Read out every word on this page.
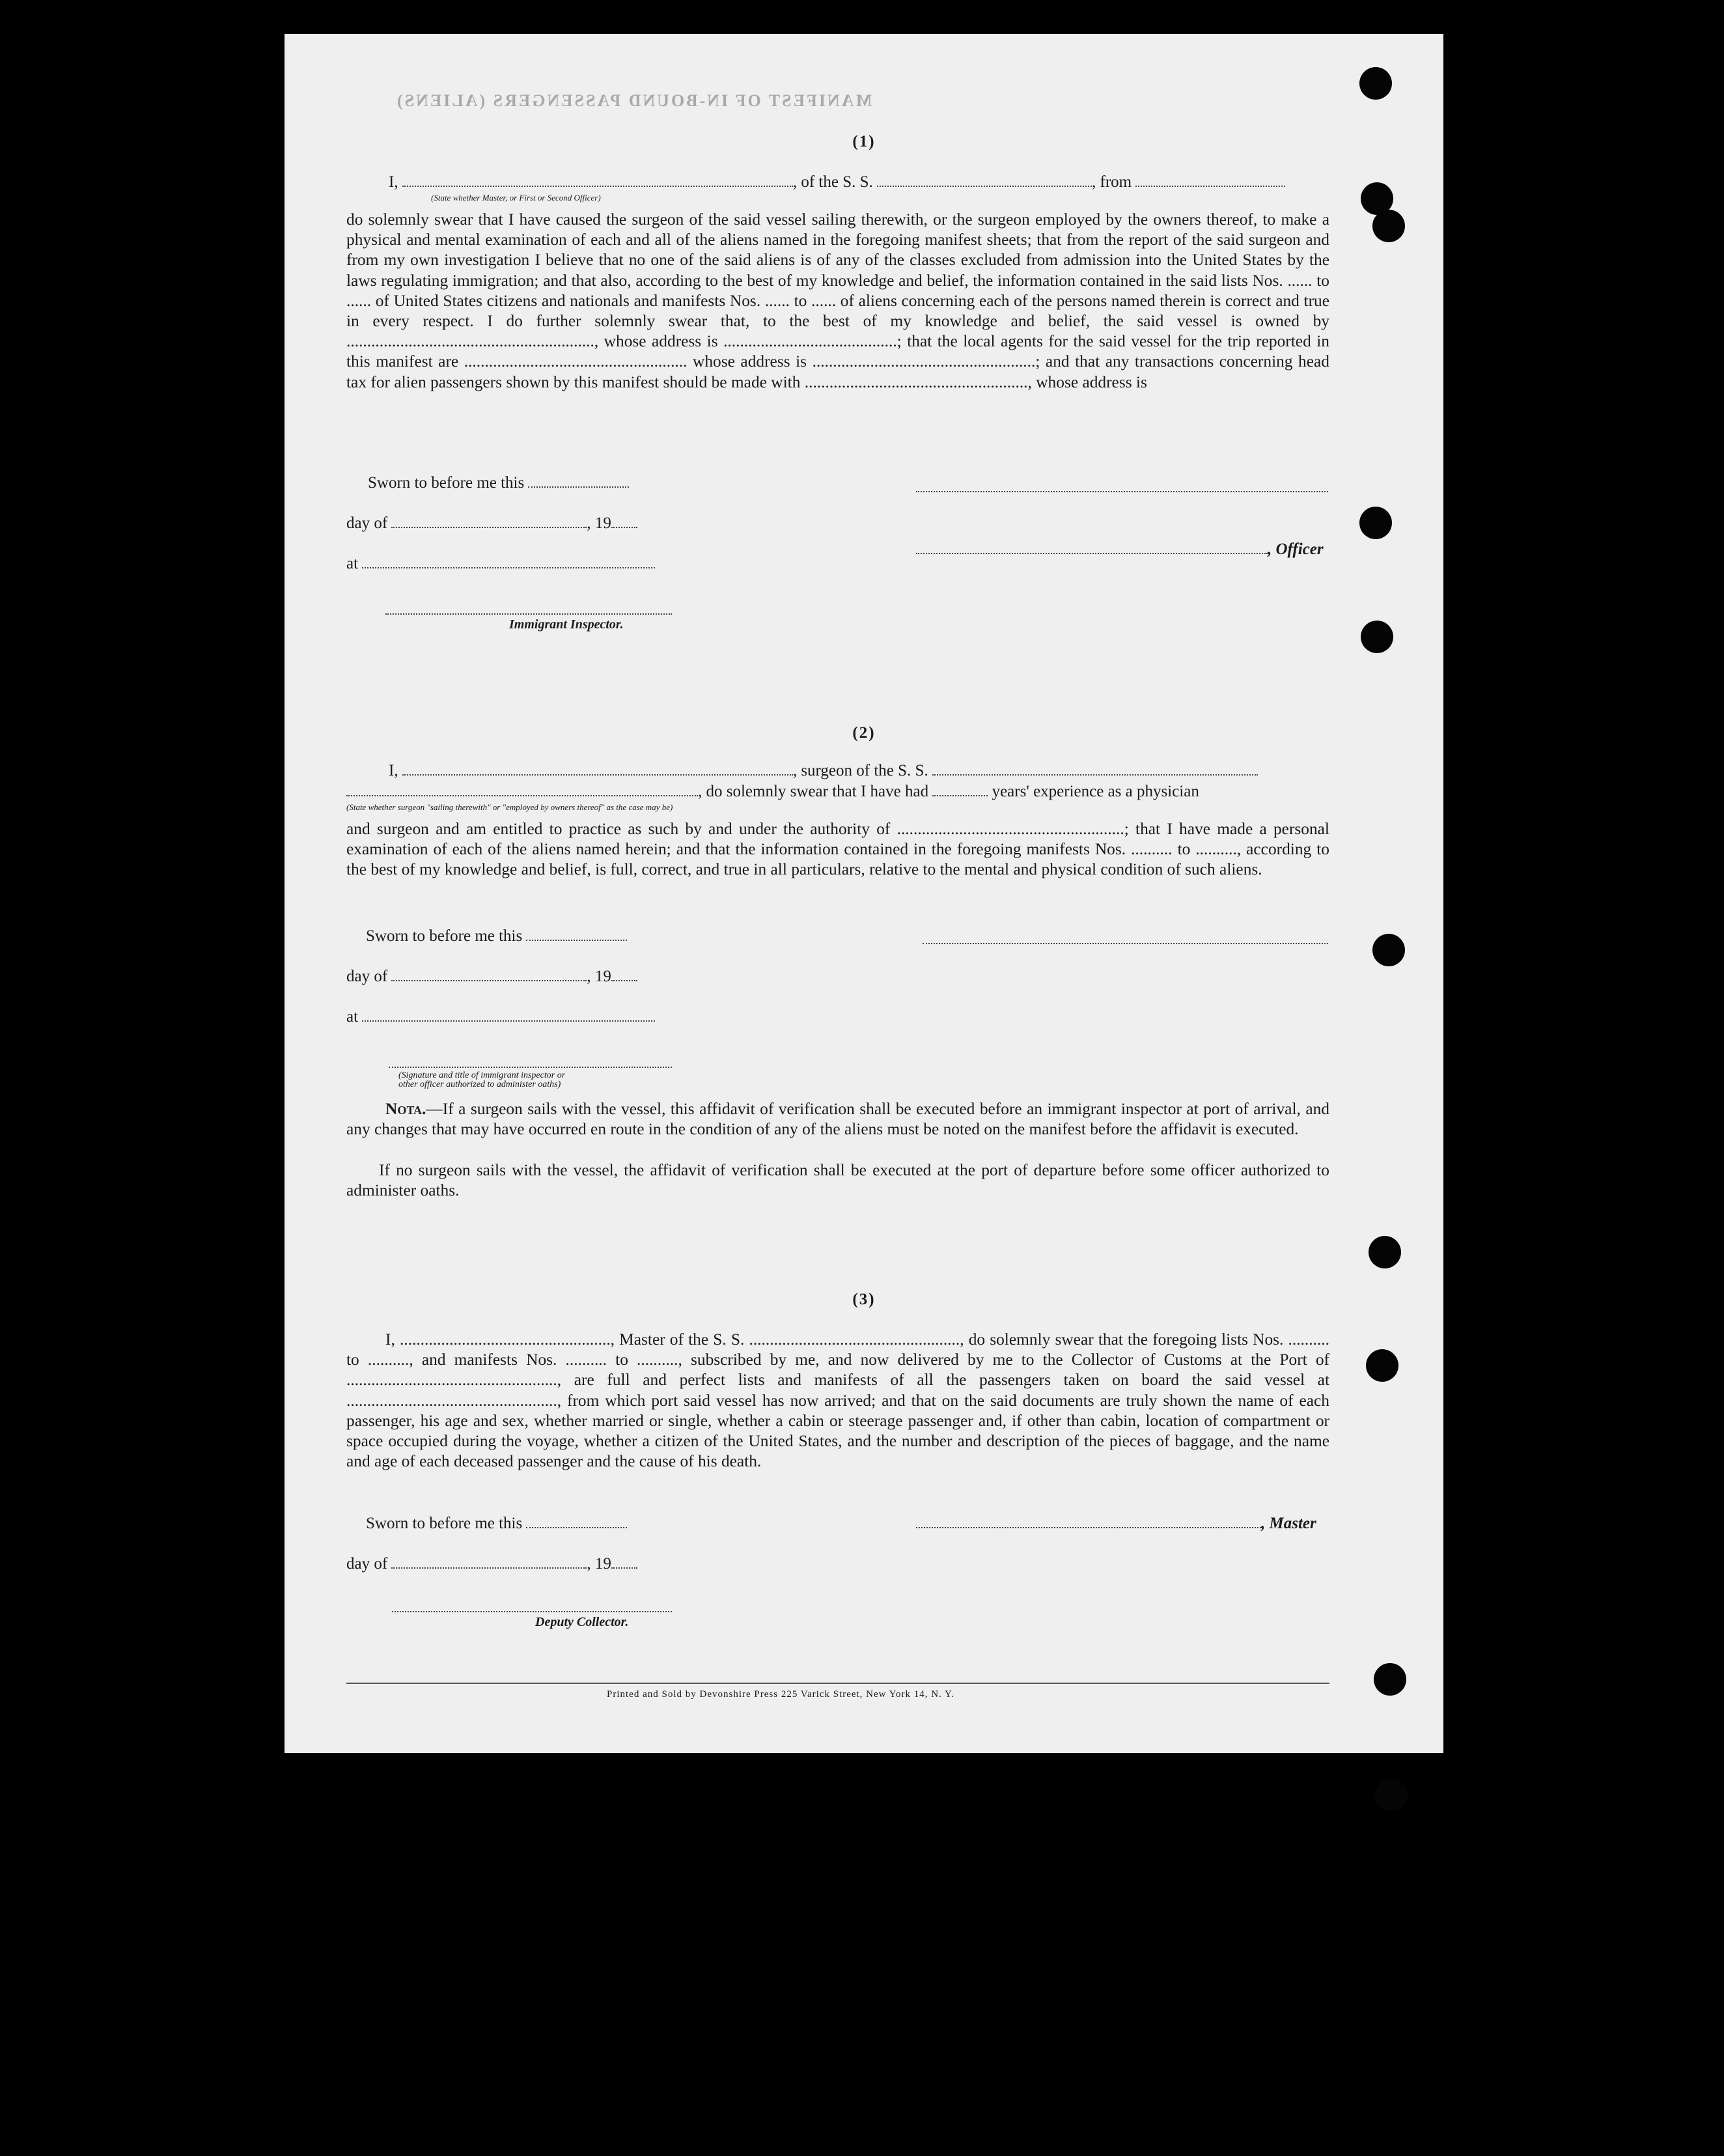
MANIFEST OF IN-BOUND PASSENGERS (ALIENS)
(1)
I,	, of the S. S.	, from
(State whether Master, or First or Second Officer)
do solemnly swear that I have caused the surgeon of the said vessel sailing therewith, or the surgeon employed by the owners thereof, to make a physical and mental examination of each and all of the aliens named in the foregoing manifest sheets; that from the report of the said surgeon and from my own investigation I believe that no one of the said aliens is of any of the classes excluded from admission into the United States by the laws regulating immigration; and that also, according to the best of my knowledge and belief, the information contained in the said lists Nos. ...... to ...... of United States citizens and nationals and manifests Nos. ...... to ...... of aliens concerning each of the persons named therein is correct and true in every respect. I do further solemnly swear that, to the best of my knowledge and belief, the said vessel is owned by ............................................................, whose address is ..........................................; that the local agents for the said vessel for the trip reported in this manifest are ...................................................... whose address is ......................................................; and that any transactions concerning head tax for alien passengers shown by this manifest should be made with ......................................................, whose address is
Sworn to before me this
day of	, 19
, Officer
at
Immigrant Inspector.
(2)
I,	, surgeon of the S. S.
, do solemnly swear that I have had	years' experience as a physician
(State whether surgeon "sailing therewith" or "employed by owners thereof" as the case may be)
and surgeon and am entitled to practice as such by and under the authority of .......................................................; that I have made a personal examination of each of the aliens named herein; and that the information contained in the foregoing manifests Nos. .......... to .........., according to the best of my knowledge and belief, is full, correct, and true in all particulars, relative to the mental and physical condition of such aliens.
Sworn to before me this
day of	, 19
at
(Signature and title of immigrant inspector or
other officer authorized to administer oaths)
Nota.—If a surgeon sails with the vessel, this affidavit of verification shall be executed before an immigrant inspector at port of arrival, and any changes that may have occurred en route in the condition of any of the aliens must be noted on the manifest before the affidavit is executed.
If no surgeon sails with the vessel, the affidavit of verification shall be executed at the port of departure before some officer authorized to administer oaths.
(3)
I, ..................................................., Master of the S. S. ..................................................., do solemnly swear that the foregoing lists Nos. .......... to .........., and manifests Nos. .......... to .........., subscribed by me, and now delivered by me to the Collector of Customs at the Port of ..................................................., are full and perfect lists and manifests of all the passengers taken on board the said vessel at ..................................................., from which port said vessel has now arrived; and that on the said documents are truly shown the name of each passenger, his age and sex, whether married or single, whether a cabin or steerage passenger and, if other than cabin, location of compartment or space occupied during the voyage, whether a citizen of the United States, and the number and description of the pieces of baggage, and the name and age of each deceased passenger and the cause of his death.
Sworn to before me this	, Master
day of	, 19
Deputy Collector.
Printed and Sold by Devonshire Press 225 Varick Street, New York 14, N. Y.
